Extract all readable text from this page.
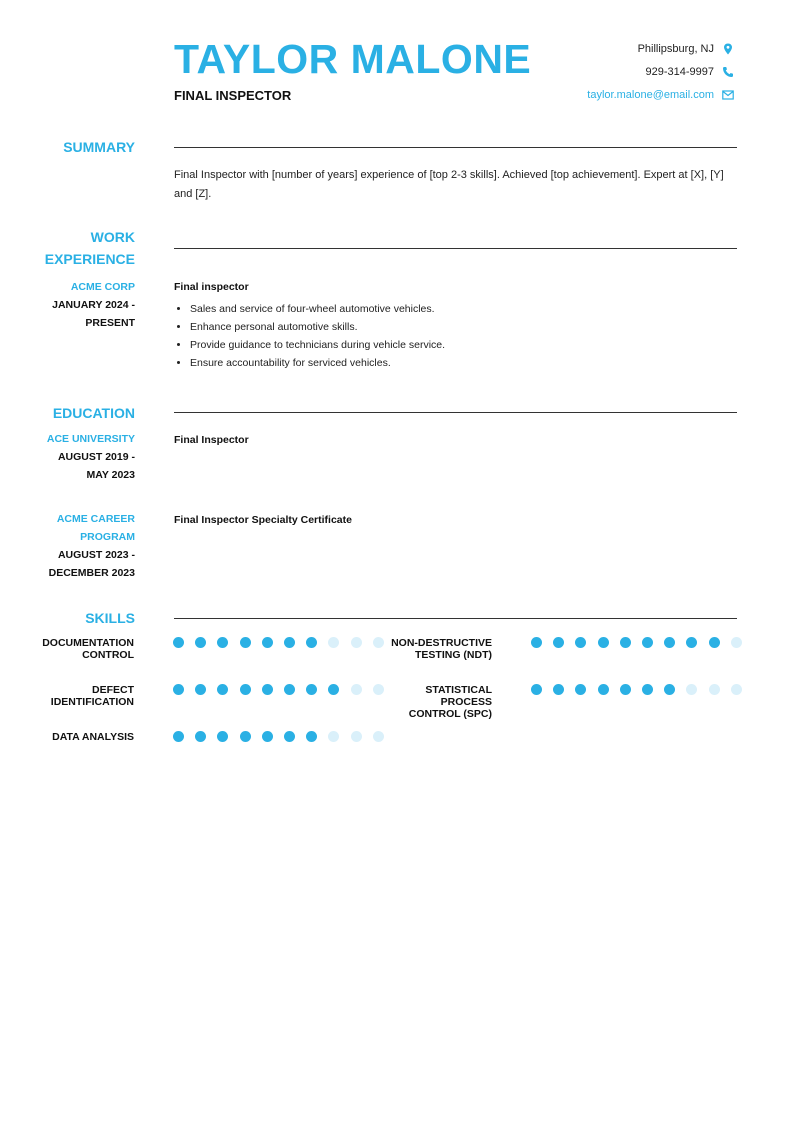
TAYLOR MALONE
FINAL INSPECTOR
Phillipsburg, NJ
929-314-9997
taylor.malone@email.com
SUMMARY
Final Inspector with [number of years] experience of [top 2-3 skills]. Achieved [top achievement]. Expert at [X], [Y] and [Z].
WORK
EXPERIENCE
ACME CORP
JANUARY 2024 -
PRESENT
Final inspector
• Sales and service of four-wheel automotive vehicles.
• Enhance personal automotive skills.
• Provide guidance to technicians during vehicle service.
• Ensure accountability for serviced vehicles.
EDUCATION
ACE UNIVERSITY
AUGUST 2019 -
MAY 2023
Final Inspector
ACME CAREER
PROGRAM
AUGUST 2023 -
DECEMBER 2023
Final Inspector Specialty Certificate
SKILLS
DOCUMENTATION
CONTROL
NON-DESTRUCTIVE
TESTING (NDT)
DEFECT
IDENTIFICATION
STATISTICAL PROCESS
CONTROL (SPC)
DATA ANALYSIS
